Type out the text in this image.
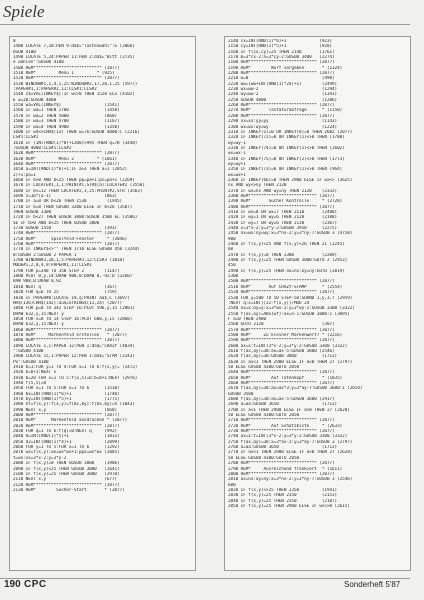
Spiele
0
1480 LOCATE 7,20:PEN 9:da$="Tastenwahl":G (2066)
OSUB 4100
1490 LOCATE 5,24:PAPER 11:PEN 2:da$="Bitt (2735)
e wählen":GOSUB 4100
1500 REM*************************** (2077)
1510 REM*         Menü 1         * (925)
1520 REM*************************** (2077)
1530 WINDOW#1,1,4,1,25:WINDOW#2,17,20,1,25 (5977)
:PAPER#1,1:PAPER#2,11:CLS#1:CLS#2
1540 z$=VAL(INKEY$):IF w<>0 THEN 1520 ELS (4102)
E w=20:GOSUB 4000
1550 wa=VAL(INKEY$)                 (1541)
1560 IF wa=1 THEN 1700              (1458)
1570 IF wa=2 THEN 5000              (860)
1580 IF wa=3 THEN 4700              (1167)
1590 IF wa=4 THEN 4900              (1350)
1600 IF w$<>CHR$(13) THEN w=76:GOSUB 4000:C (2216)
LS#1:CLS#2
1610 IF (INT(RND(1)*8)+1200)>995 THEN q=78 (3448)
:GOSUB 4000:CLS#1:CLS#2
1620 REM*************************** (2077)
1630 REM*         Menü 2         * (1661)
1640 REM*************************** (2077)
1650 a=INT(RND(1)*6)+1:IF a>3 THEN a=1 (2852)
2)+1:pa=1
1660 IF b>0 AND b<25 THEN pp=pa+1:pc=pa+1 (2269)
1670 IF LOCATE#1,1,1:PRINT#1,STR$(a):LOCATE#2 (3558)
1680 IF b<=12 THEN LOCATE#2,1,25:PRINT#2,STR (3563)
1690 z=16*(a-1)                     (863)
1700 IF a=0 OR b<26 THEN 1530        (1945)
1710 IF b=0 THEN GOSUB 3200 ELSE IF b<26 (3507)
THEN GOSUB 3300
1720 IF b<27 THEN GOSUB 3000:GOSUB 3500 EL (3586)
SE IF b>0 AND b<25 THEN GOSUB 3000
1730 GOSUB 1550                     (393)
1740 REM*************************** (2077)
1750 REM*      Spielfeld-Fenster     * (2046)
1760 REM*************************** (2077)
1770 IF INKEY$<>"" THEN 1710 ELSE GOSUB 450 (3244)
0:GOSUB 2:GOSUB 2 PAPER 1
1780 WINDOW#3,20,1,5:PAPER#3,12:CLS#3 (3818)
MODE#1,2,0,4,9:PAPER#1,11:CLS#1
1790 FOR p=348 TO 350 STEP 2        (1147)
1800 PLOT 0,y,14:DRAW 988,0:DRAW 0,-92:D (3260)
RAW 988,0:DRAW 0,92
1810 NEXT q                         (367)
1820 FOR q=6 TO 25                  (759)
1830 IF PAPER#0:LOCATE 19,q:PRINT aa$,C (3697)
HR$(136)CHR$(142):au$=STRING$(11,24) (2077)
1840 FOR p=8 TO 342 STEP 16:PLOT 596,y,15 (2801)
DRAW 632,y,15:NEXT y
1850 FOR x=8 TO 14 STEP 16:PLOT 600,y,15 (2868)
DRAW 632,y,15:NEXT y
1860 REM*************************** (2077)
1870 REM*     Markenfeld erstellen   * (2077)
1880 REM*************************** (2077)
1890 LOCATE 1,1:PAPER 12:PEN 1:da$="CRAZY (4034)
":GOSUB 4100
1900 LOCATE 15,1:PAPER 12:PEN 1:da$="STAM (2243)
PS":GOSUB 4100
1910 b=1:FOR y=1 TO 4:FOR x=1 TO 6:f(x,y)= (1472)
1920 b=b+1:NEXT x
1930 b=20 FOR x=1 TO 5:f(x,5)=b:b=b+1:NEXT (2976)
1940 f(5,5)=0
1950 FOR x=1 TO 5:FOR x=1 TO 6      (1510)
1960 bx=INT(RND(1)*6)+1             (1740)
1970 by=INT(RND(1)*5)+1             (1775)
1980 hf=f(x,y):f(x,y)=f(bx,by):f(bx,by)=h (1843)
1990 NEXT x,y                       (668)
2000 REM*************************** (2077)
2010 REM*      Markenfeld ausdrucken * (2077)
2020 REM*************************** (2077)
2030 FOR q=1 TO 6:f(q)=0:NEXT q     (992)
2040 d=INT(RND(1)*5)+1              (1813)
2050 d2=INT(RND(1)*4)+1             (2099)
2060 FOR y=1 TO 5:FOR x=1 TO 6      (1292)
2070 wx=f(x,y):wx=wx*wx+1:ppx=wx*wx (2085)
t=wx:xx=3*x-2:y=3*y-2
2080 IF f(x,y)=0 THEN GOSUB 3000    (1986)
2090 IF f(x,y)<25 THEN GOSUB 3000   (2641)
2100 IF f(x,y)=25 THEN GOSUB 3000   (2970)
2110 NEXT x,y                       (677)
2120 REM*************************** (2077)
2130 REM*        Sucher-Start       * (2077)
2140 cx=INT(RND(1)*6)+1             (923)
2150 cy=INT(RND(1)*5)+1             (928)
2160 IF f(cx,cy)=25 THEN 2140       (1761)
2170 m=3*cx-2:n=3*cy-2:GOSUB 3400   (2274)
2180 REM*************************** (2077)
2190 REM*        Wurf vorgeben       * (1324)
2200 REM*************************** (2077)
2210 w=0                             (490)
2220 ww=(ww+INT(RND(1)*24)+1)        (2499)
2230 wx=ww-2                         (1294)
2240 wy=ww-2                         (1343)
2250 GOSUB 4000                      (1206)
2260 REM*************************** (2077)
2270 REM*       Tastaturabfrage      * (1150)
2280 REM*************************** (2077)
2290 xx=xx:yy=yy                     (1143)
2300 wx=wx:wy=wy                     (1224)
2310 IF INKEY(1)=0 OR INKEY(8)=0 THEN 2602 (2077)
2320 IF INKEY(72)=0 OR INKEY(1)<>0 THEN (1780)
wy=wy-1
2330 IF INKEY(74)=0 OR INKEY(1)<>0 THEN (2602)
wx=wx-1
2340 IF INKEY(75)=0 OR INKEY(2)<>0 THEN (1773)
wy=wy+1
2350 IF INKEY(73)=0 OR INKEY(1)<>0 THEN (964)
wx=wx+1
2360 IF INKEY(66)=0 THEN 2900 ELSE IF wx<> (3625)
nx AND wy<>ny THEN 2130
2370 IF wx=nx AND wy=ny THEN 2120    (2333)
2380 REM*************************** (2077)
2390 REM*       Sucher Kontrolle     * (2728)
2400 REM*************************** (2077)
2410 IF wx=0 OR wx=7 THEN 2110       (2480)
2420 IF wy=1 OR wy=6 THEN 2120       (2188)
2430 IF wy=7 OR wy=6 THEN 2130       (2367)
2440 x=3*x-2:y=3*y-2:GOSUB 3950      (2275)
2450 nx=wx:ny=wy:x=3*nx-2:y=3*ny-7:GOSUB 3 (4758)
900
2460 IF f(x,y)<25 AND f(x,y)<26 THEN 21 (2245)
60
2470 IF f(x,y)=0 THEN 2300           (2209)
2480 IF f(x,y)=25 THEN GOSUB 3000:GOTO 2 (2953)
450
2490 IF f(x,y)=25 THEN ox=nx:oy=ny:GOTO (2819)
2300
2500 REM*************************** (2077)
2510 REM*       Auf CRAZY-STAMP      * (2554)
2520 REM*************************** (2077)
2530 FOR y=500 TO 50 STEP-50:SOUND 1,y,3,7 (2959)
:NEXT q:x=INT((22-f(x,y))/MOD 24
2540 ox=x:oy=y:x=3*wx-2:y=3*wy-2:GOSUB 3300 (3322)
2550 f(ox,oy)=ABS(wf):ox=n-1:GOSUB 3800:1 (3095)
F a=0 THEN 2900
2560 GOTO 2120                       (307)
2570 REM*************************** (2077)
2580 REM*     Zu kleiner Markenwert? * (2216)
2590 REM*************************** (2077)
2600 ax=x:t=INT(3*x-2:y=3*y-2:GOSUB 3300 (3322)
2610 f(ax,ay)=30:ax=ax-5:GOSUB 3800 (2546)
2620 f(ax,ay)=30:GOSUB 3800          (1713)
2630 IF ax<1 THEN 2900 ELSE IF a<0 THEN 27 (2797)
50 ELSE GOSUB 4300:GOTO 2050
2640 REM*************************** (2077)
2650 REM*        Auf Totenkopf       * (1835)
2660 REM*************************** (2077)
2670 f(ax,ay)=30:ax=ax*3:y=3*ay-7:GOSUB 3600:1 (2654)
GOSUB 3500
2680 f(ax,ay)=30:ax=ax-5:GOSUB 3600 (2917)
2690 a=aa:GOSUB 3650                 (1713)
2700 IF a<1 THEN 2900 ELSE IF a>0 THEN 27 (2628)
50 ELSE GOSUB 4300:GOTO 2050
2710 REM*************************** (2077)
2720 REM*        Auf Schatzkiste     * (2633)
2730 REM*************************** (2077)
2740 ax=x:t=INT(3*x-2:y=3*y-2:GOSUB 3300 (3322)
2750 f(ax,ay)=30:x=3*ax-2:y=3*ay-7:GOSUB 3 (2797)
2760 a=aa:GOSUB 3650                 (1713)
2770 IF ax<1 THEN 2900 ELSE IF a<0 THEN 27 (2628)
50 ELSE GOSUB 4300:GOTO 2050
2780 REM*************************** (2077)
2790 REM*     Ausreichend frankiert  * (1611)
2800 REM*************************** (2077)
2810 ax=nx:ay=ny:x=3*nx-2:y=3*ny-7:GOSUB 3 (2546)
600
2820 IF f(x,y)<>25 THEN 2350         (1941)
2830 IF f(x,y)=25 THEN 2350          (2153)
2840 IF f(x,y)=25 THEN 2350          (2107)
2850 IF f(x,y)=25 THEN 2900 ELSE IF ws<>0 (2615)
190 CPC	Sonderheft 5'87
